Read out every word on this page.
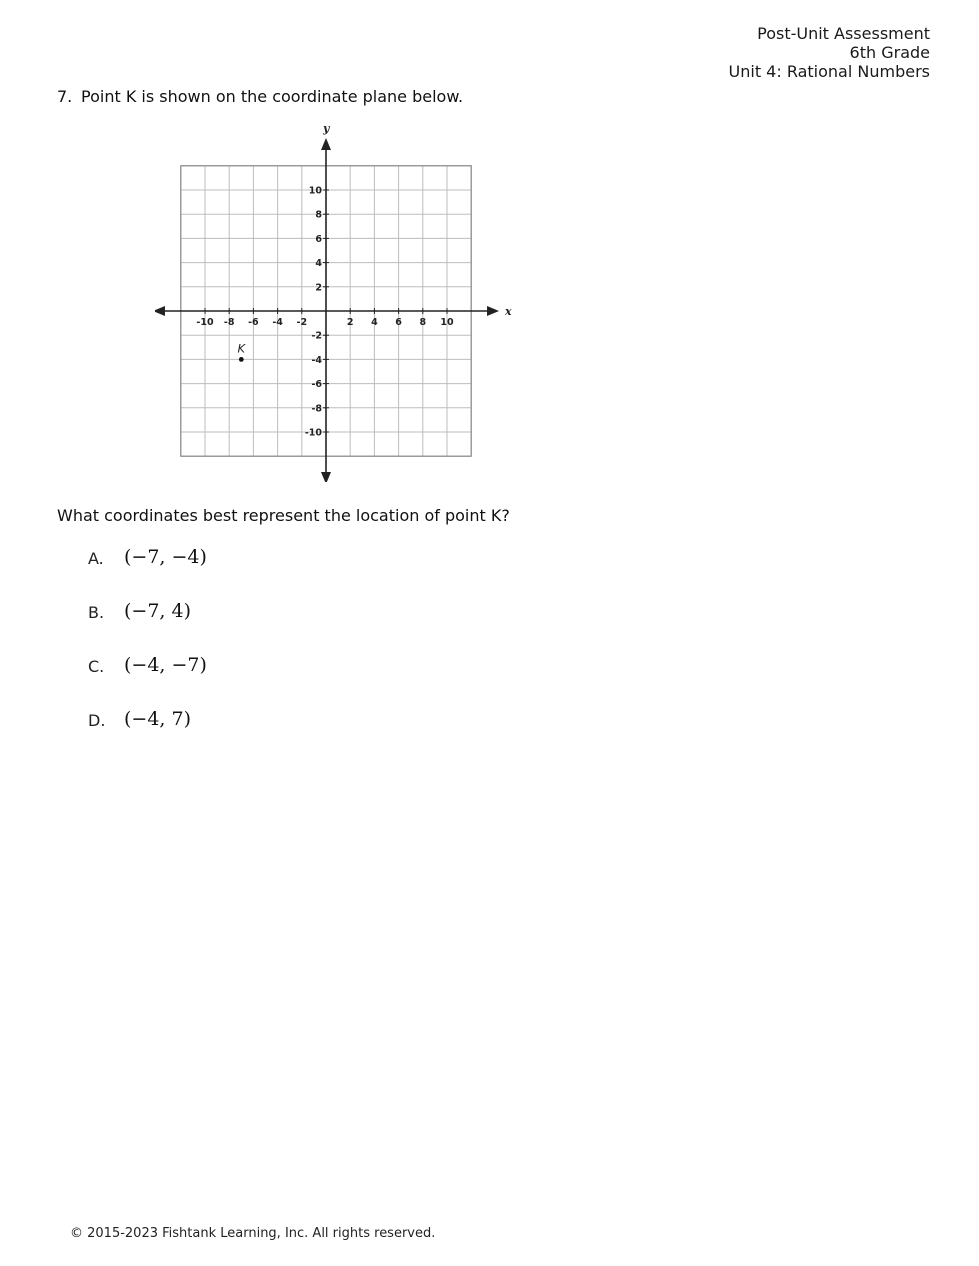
Post-Unit Assessment
6th Grade
Unit 4: Rational Numbers
7. Point K is shown on the coordinate plane below.
x
y
-10 -8 -6 -4 -2	2 4 6 8 10
10
8
6
4
2
-2
-4
-6
-8
-10
K
What coordinates best represent the location of point K?
A. (−7, −4)
B. (−7, 4)
C. (−4, −7)
D. (−4, 7)
© 2015-2023 Fishtank Learning, Inc. All rights reserved.
